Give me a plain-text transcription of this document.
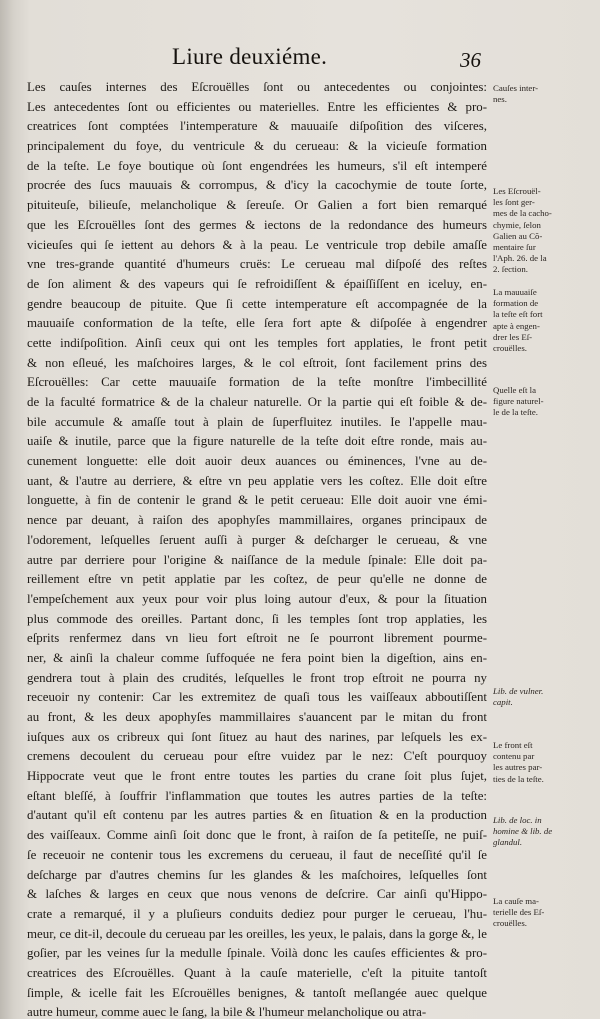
Liure deuxiéme.	36
Les cauſes internes des Eſcrouëlles ſont ou antecedentes ou conjointes:
Les antecedentes ſont ou efficientes ou materielles. Entre les efficientes & pro-
creatrices ſont comptées l'intemperature & mauuaiſe diſpoſition des viſceres,
principalement du foye, du ventricule & du cerueau: & la vicieuſe formation
de la teſte. Le foye boutique où ſont engendrées les humeurs, s'il eſt intemperé
procrée des ſucs mauuais & corrompus, & d'icy la cacochymie de toute ſorte,
pituiteuſe, bilieuſe, melancholique & ſereuſe. Or Galien a fort bien remarqué
que les Eſcrouëlles ſont des germes & iectons de la redondance des humeurs
vicieuſes qui ſe iettent au dehors & à la peau. Le ventricule trop debile amaſſe
vne tres-grande quantité d'humeurs cruës: Le cerueau mal diſpoſé des reſtes
de ſon aliment & des vapeurs qui ſe refroidiſſent & épaiſſiſſent en iceluy, en-
gendre beaucoup de pituite. Que ſi cette intemperature eſt accompagnée de la
mauuaiſe conformation de la teſte, elle ſera fort apte & diſpoſée à engendrer
cette indiſpoſition. Ainſi ceux qui ont les temples fort applaties, le front petit
& non eſleué, les maſchoires larges, & le col eſtroit, ſont facilement prins des
Eſcrouëlles: Car cette mauuaiſe formation de la teſte monſtre l'imbecillité
de la faculté formatrice & de la chaleur naturelle. Or la partie qui eſt foible & de-
bile accumule & amaſſe tout à plain de ſuperfluitez inutiles. Ie l'appelle mau-
uaiſe & inutile, parce que la figure naturelle de la teſte doit eſtre ronde, mais au-
cunement longuette: elle doit auoir deux auances ou éminences, l'vne au de-
uant, & l'autre au derriere, & eſtre vn peu applatie vers les coſtez. Elle doit eſtre
longuette, à fin de contenir le grand & le petit cerueau: Elle doit auoir vne émi-
nence par deuant, à raiſon des apophyſes mammillaires, organes principaux de
l'odorement, leſquelles ſeruent auſſi à purger & deſcharger le cerueau, & vne
autre par derriere pour l'origine & naiſſance de la medule ſpinale: Elle doit pa-
reillement eſtre vn petit applatie par les coſtez, de peur qu'elle ne donne de
l'empeſchement aux yeux pour voir plus loing autour d'eux, & pour la ſituation
plus commode des oreilles. Partant donc, ſi les temples ſont trop applaties, les
eſprits renfermez dans vn lieu fort eſtroit ne ſe pourront librement pourme-
ner, & ainſi la chaleur comme ſuffoquée ne fera point bien la digeſtion, ains en-
gendrera tout à plain des crudités, leſquelles le front trop eſtroit ne pourra ny
receuoir ny contenir: Car les extremitez de quaſi tous les vaiſſeaux abboutiſſent
au front, & les deux apophyſes mammillaires s'auancent par le mitan du front
iuſques aux os cribreux qui ſont ſituez au haut des narines, par leſquels les ex-
cremens decoulent du cerueau pour eſtre vuidez par le nez: C'eſt pourquoy
Hippocrate veut que le front entre toutes les parties du crane ſoit plus ſujet,
eſtant bleſſé, à ſouffrir l'inflammation que toutes les autres parties de la teſte:
d'autant qu'il eſt contenu par les autres parties & en ſituation & en la production
des vaiſſeaux. Comme ainſi ſoit donc que le front, à raiſon de ſa petiteſſe, ne puiſ-
ſe receuoir ne contenir tous les excremens du cerueau, il faut de neceſſité qu'il ſe
deſcharge par d'autres chemins ſur les glandes & les maſchoires, leſquelles ſont
& laſches & larges en ceux que nous venons de deſcrire. Car ainſi qu'Hippo-
crate a remarqué, il y a pluſieurs conduits dediez pour purger le cerueau, l'hu-
meur, ce dit-il, decoule du cerueau par les oreilles, les yeux, le palais, dans la gorge &, le
goſier, par les veines ſur la medulle ſpinale. Voilà donc les cauſes efficientes & pro-
creatrices des Eſcrouëlles. Quant à la cauſe materielle, c'eſt la pituite tantoſt
ſimple, & icelle fait les Eſcrouëlles benignes, & tantoſt meſlangée auec quelque
autre humeur, comme auec le ſang, la bile & l'humeur melancholique ou atra-
Cauſes inter-
nes.
Les Eſcrouël-
les ſont ger-
mes de la cacho-
chymie, ſelon
Galien au Cõ-
mentaire ſur
l'Aph. 26. de la
2. ſection.
La mauuaiſe
formation de
la teſte eſt fort
apte à engen-
drer les Eſ-
crouëlles.
Quelle eſt la
figure naturel-
le de la teſte.
Lib. de vulner.
capit.
Le front eſt
contenu par
les autres par-
ties de la teſte.
Lib. de loc. in
homine & lib. de
glandul.
La cauſe ma-
terielle des Eſ-
crouëlles.
